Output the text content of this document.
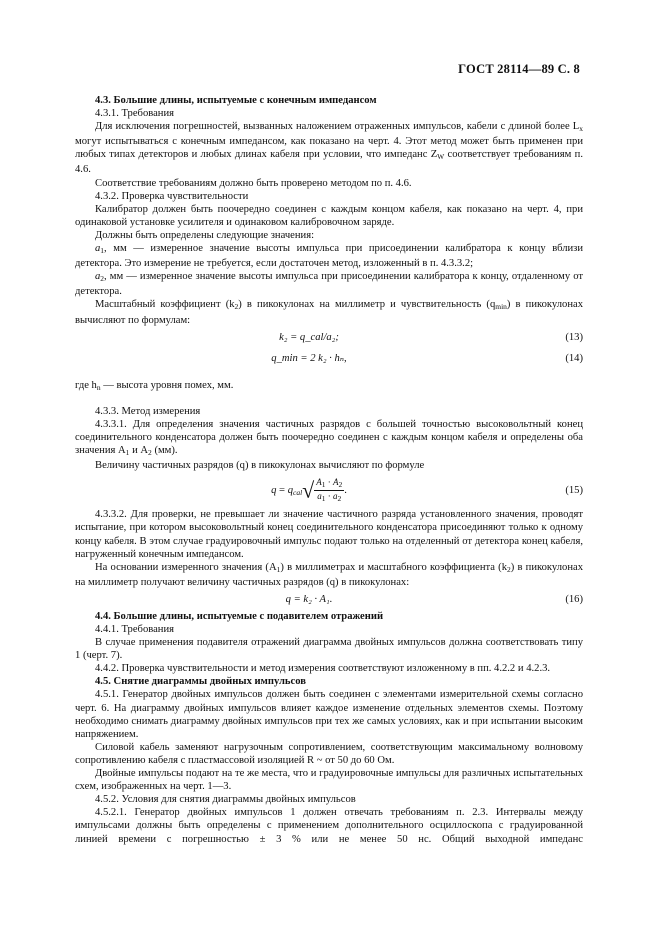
ГОСТ 28114—89 С. 8

4.3. Большие длины, испытуемые с конечным импедансом

4.3.1. Требования

Для исключения погрешностей, вызванных наложением отраженных импульсов, кабели с длиной более $L_x$ могут испытываться с конечным импедансом, как показано на черт. 4. Этот метод может быть применен при любых типах детекторов и любых длинах кабеля при условии, что импеданс $Z_W$ соответствует требованиям п. 4.6.

Соответствие требованиям должно быть проверено методом по п. 4.6.

4.3.2. Проверка чувствительности

Калибратор должен быть поочередно соединен с каждым концом кабеля, как показано на черт. 4, при одинаковой установке усилителя и одинаковом калибровочном заряде.

Должны быть определены следующие значения:

$a_1$, мм — измеренное значение высоты импульса при присоединении калибратора к концу вблизи детектора. Это измерение не требуется, если достаточен метод, изложенный в п. 4.3.3.2;

$a_2$, мм — измеренное значение высоты импульса при присоединении калибратора к концу, отдаленному от детектора.

Масштабный коэффициент $(k_2)$ в пикокулонах на миллиметр и чувствительность $(q_{min})$ в пикокулонах вычисляют по формулам:

k₂ = q_cal/a₂;	(13)
q_min = 2 k₂ · hₙ,	(14)

где $h_n$ — высота уровня помех, мм.

4.3.3. Метод измерения

4.3.3.1. Для определения значения частичных разрядов с большей точностью высоковольтный конец соединительного конденсатора должен быть поочередно соединен с каждым концом кабеля и определены оба значения $A_1$ и $A_2$ (мм).

Величину частичных разрядов (q) в пикокулонах вычисляют по формуле

$q = q_{cal}√ \frac{A_1 \cdot A_2}{a_1 \cdot a_2}$ .	(15)

4.3.3.2. Для проверки, не превышает ли значение частичного разряда установленного значения, проводят испытание, при котором высоковольтный конец соединительного конденсатора присоединяют только к одному концу кабеля. В этом случае градуировочный импульс подают только на отделенный от детектора конец кабеля, нагруженный конечным импедансом.

На основании измеренного значения $(A_1)$ в миллиметрах и масштабного коэффициента $(k_2)$ в пикокулонах на миллиметр получают величину частичных разрядов (q) в пикокулонах:

q = k₂ · A₁.	(16)

4.4. Большие длины, испытуемые с подавителем отражений

4.4.1. Требования

В случае применения подавителя отражений диаграмма двойных импульсов должна соответствовать типу 1 (черт. 7).

4.4.2. Проверка чувствительности и метод измерения соответствуют изложенному в пп. 4.2.2 и 4.2.3.

4.5. Снятие диаграммы двойных импульсов

4.5.1. Генератор двойных импульсов должен быть соединен с элементами измерительной схемы согласно черт. 6. На диаграмму двойных импульсов влияет каждое изменение отдельных элементов схемы. Поэтому необходимо снимать диаграмму двойных импульсов при тех же самых условиях, как и при испытании высоким напряжением.

Силовой кабель заменяют нагрузочным сопротивлением, соответствующим максимальному волновому сопротивлению кабеля с пластмассовой изоляцией R ~ от 50 до 60 Ом.

Двойные импульсы подают на те же места, что и градуировочные импульсы для различных испытательных схем, изображенных на черт. 1—3.

4.5.2. Условия для снятия диаграммы двойных импульсов

4.5.2.1. Генератор двойных импульсов 1 должен отвечать требованиям п. 2.3. Интервалы между импульсами должны быть определены с применением дополнительного осциллоскопа с градуированной линией времени с погрешностью ± 3 % или не менее 50 нс. Общий выходной импеданс
